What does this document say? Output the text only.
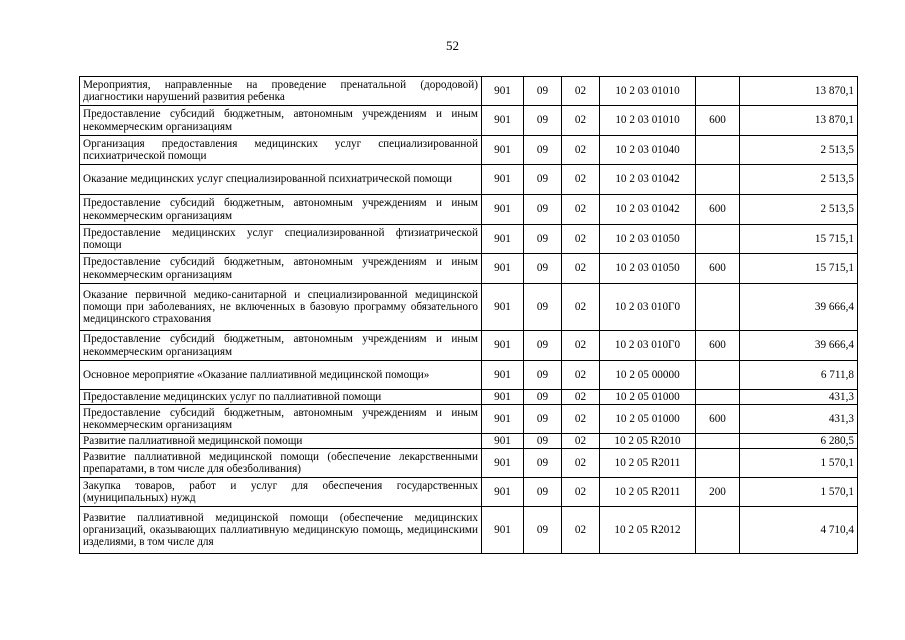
52
Мероприятия, направленные на проведение пренатальной (дородовой) диагностики нарушений развития ребенка	901	09	02	10 2 03 01010		13 870,1
Предоставление субсидий бюджетным, автономным учреждениям и иным некоммерческим организациям	901	09	02	10 2 03 01010	600	13 870,1
Организация предоставления медицинских услуг специализированной психиатрической помощи	901	09	02	10 2 03 01040		2 513,5
Оказание медицинских услуг специализированной психиатрической помощи	901	09	02	10 2 03 01042		2 513,5
Предоставление субсидий бюджетным, автономным учреждениям и иным некоммерческим организациям	901	09	02	10 2 03 01042	600	2 513,5
Предоставление медицинских услуг специализированной фтизиатрической помощи	901	09	02	10 2 03 01050		15 715,1
Предоставление субсидий бюджетным, автономным учреждениям и иным некоммерческим организациям	901	09	02	10 2 03 01050	600	15 715,1
Оказание первичной медико-санитарной и специализированной медицинской помощи при заболеваниях, не включенных в базовую программу обязательного медицинского страхования	901	09	02	10 2 03 010Г0		39 666,4
Предоставление субсидий бюджетным, автономным учреждениям и иным некоммерческим организациям	901	09	02	10 2 03 010Г0	600	39 666,4
Основное мероприятие «Оказание паллиативной медицинской помощи»	901	09	02	10 2 05 00000		6 711,8
Предоставление медицинских услуг по паллиативной помощи	901	09	02	10 2 05 01000		431,3
Предоставление субсидий бюджетным, автономным учреждениям и иным некоммерческим организациям	901	09	02	10 2 05 01000	600	431,3
Развитие паллиативной медицинской помощи	901	09	02	10 2 05 R2010		6 280,5
Развитие паллиативной медицинской помощи (обеспечение лекарственными препаратами, в том числе для обезболивания)	901	09	02	10 2 05 R2011		1 570,1
Закупка товаров, работ и услуг для обеспечения государственных (муниципальных) нужд	901	09	02	10 2 05 R2011	200	1 570,1
Развитие паллиативной медицинской помощи (обеспечение медицинских организаций, оказывающих паллиативную медицинскую помощь, медицинскими изделиями, в том числе для	901	09	02	10 2 05 R2012		4 710,4
